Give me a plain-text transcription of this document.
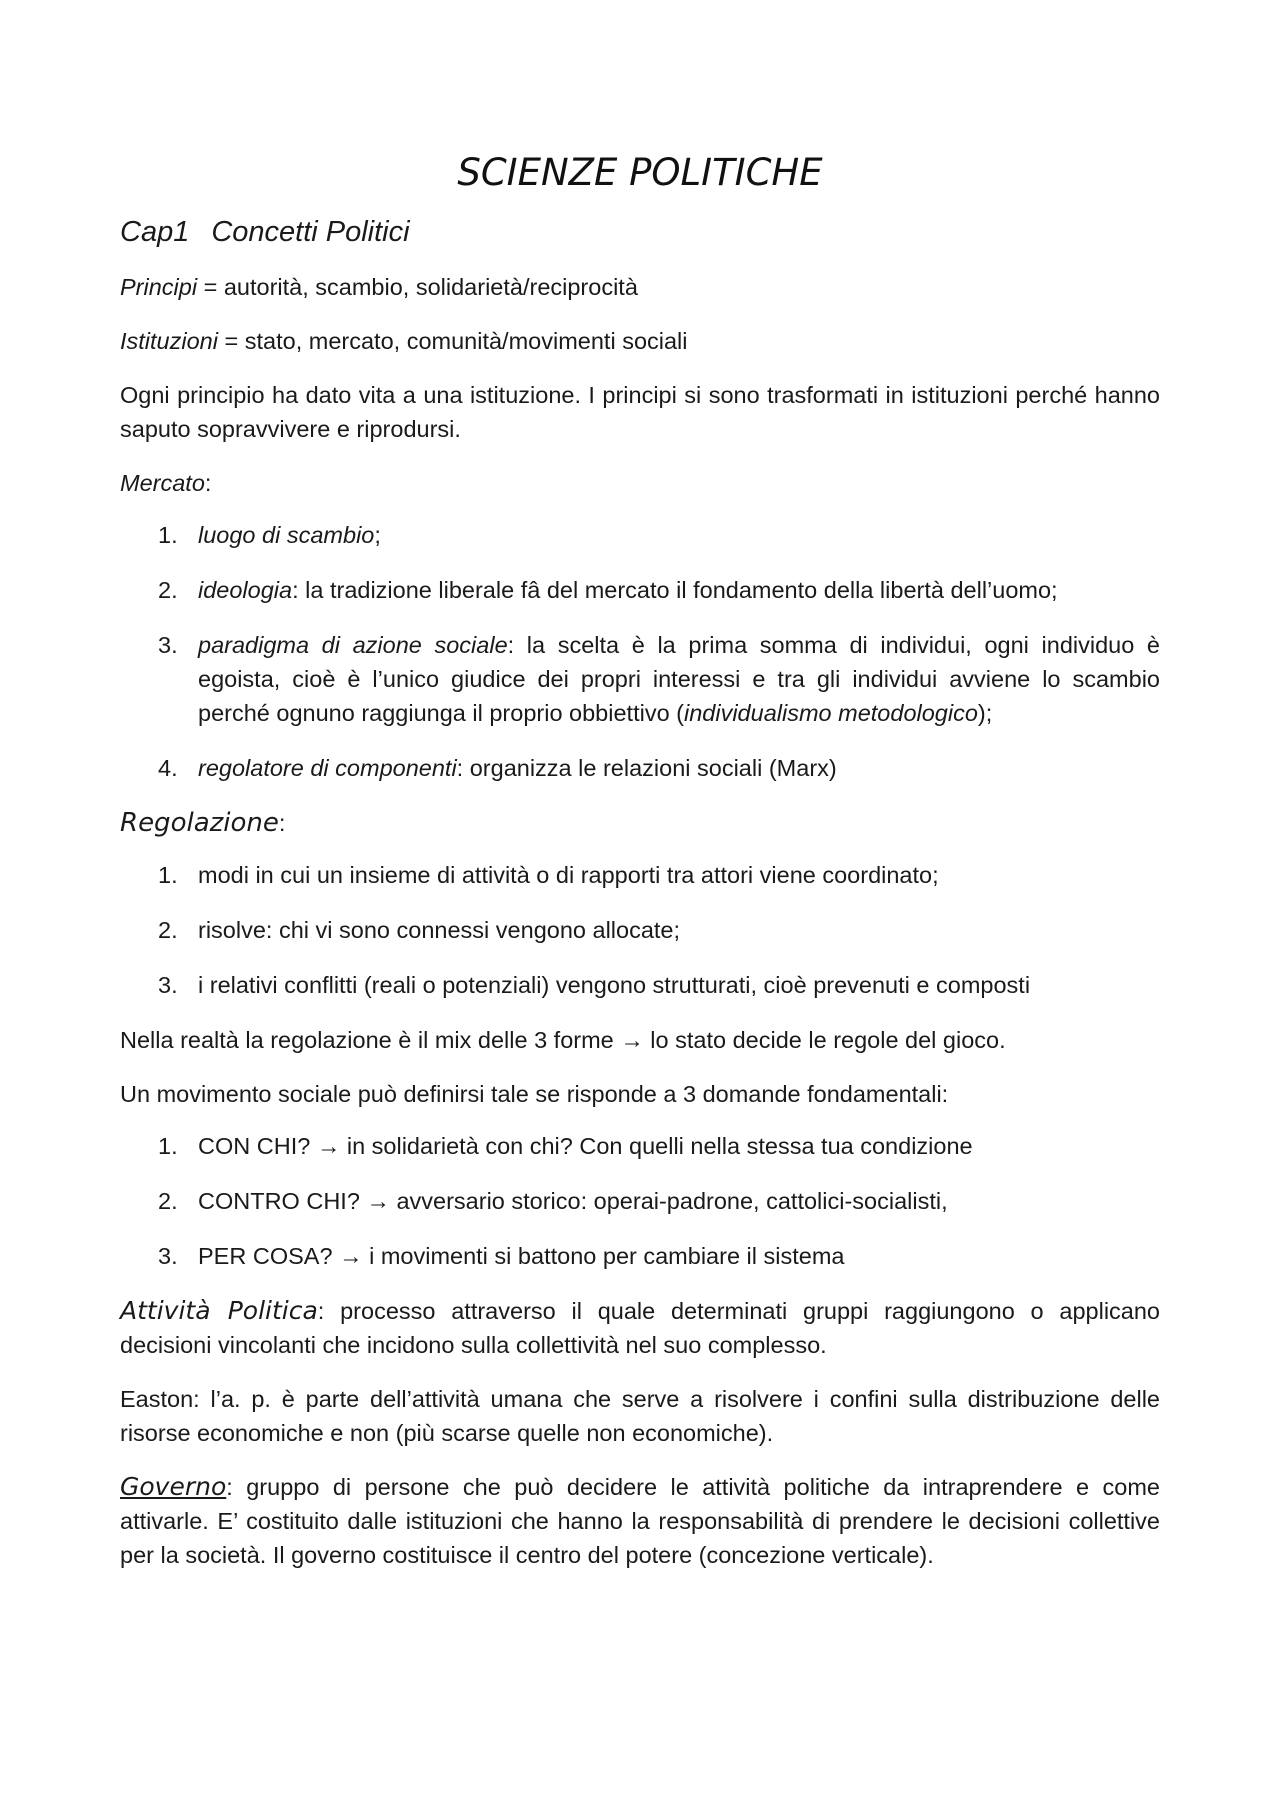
SCIENZE POLITICHE
Cap1 Concetti Politici

Principi = autorità, scambio, solidarietà/reciprocità

Istituzioni = stato, mercato, comunità/movimenti sociali

Ogni principio ha dato vita a una istituzione. I principi si sono trasformati in istituzioni perché hanno saputo sopravvivere e riprodursi.

Mercato:

1. luogo di scambio;
2. ideologia: la tradizione liberale fâ del mercato il fondamento della libertà dell’uomo;
3. paradigma di azione sociale: la scelta è la prima somma di individui, ogni individuo è egoista, cioè è l’unico giudice dei propri interessi e tra gli individui avviene lo scambio perché ognuno raggiunga il proprio obbiettivo (individualismo metodologico);
4. regolatore di componenti: organizza le relazioni sociali (Marx)

Regolazione:

1. modi in cui un insieme di attività o di rapporti tra attori viene coordinato;
2. risolve: chi vi sono connessi vengono allocate;
3. i relativi conflitti (reali o potenziali) vengono strutturati, cioè prevenuti e composti

Nella realtà la regolazione è il mix delle 3 forme → lo stato decide le regole del gioco.

Un movimento sociale può definirsi tale se risponde a 3 domande fondamentali:

1. CON CHI? → in solidarietà con chi? Con quelli nella stessa tua condizione
2. CONTRO CHI? → avversario storico: operai-padrone, cattolici-socialisti,
3. PER COSA? → i movimenti si battono per cambiare il sistema

Attività Politica: processo attraverso il quale determinati gruppi raggiungono o applicano decisioni vincolanti che incidono sulla collettività nel suo complesso.

Easton: l’a. p. è parte dell’attività umana che serve a risolvere i confini sulla distribuzione delle risorse economiche e non (più scarse quelle non economiche).

Governo: gruppo di persone che può decidere le attività politiche da intraprendere e come attivarle. E’ costituito dalle istituzioni che hanno la responsabilità di prendere le decisioni collettive per la società. Il governo costituisce il centro del potere (concezione verticale).
